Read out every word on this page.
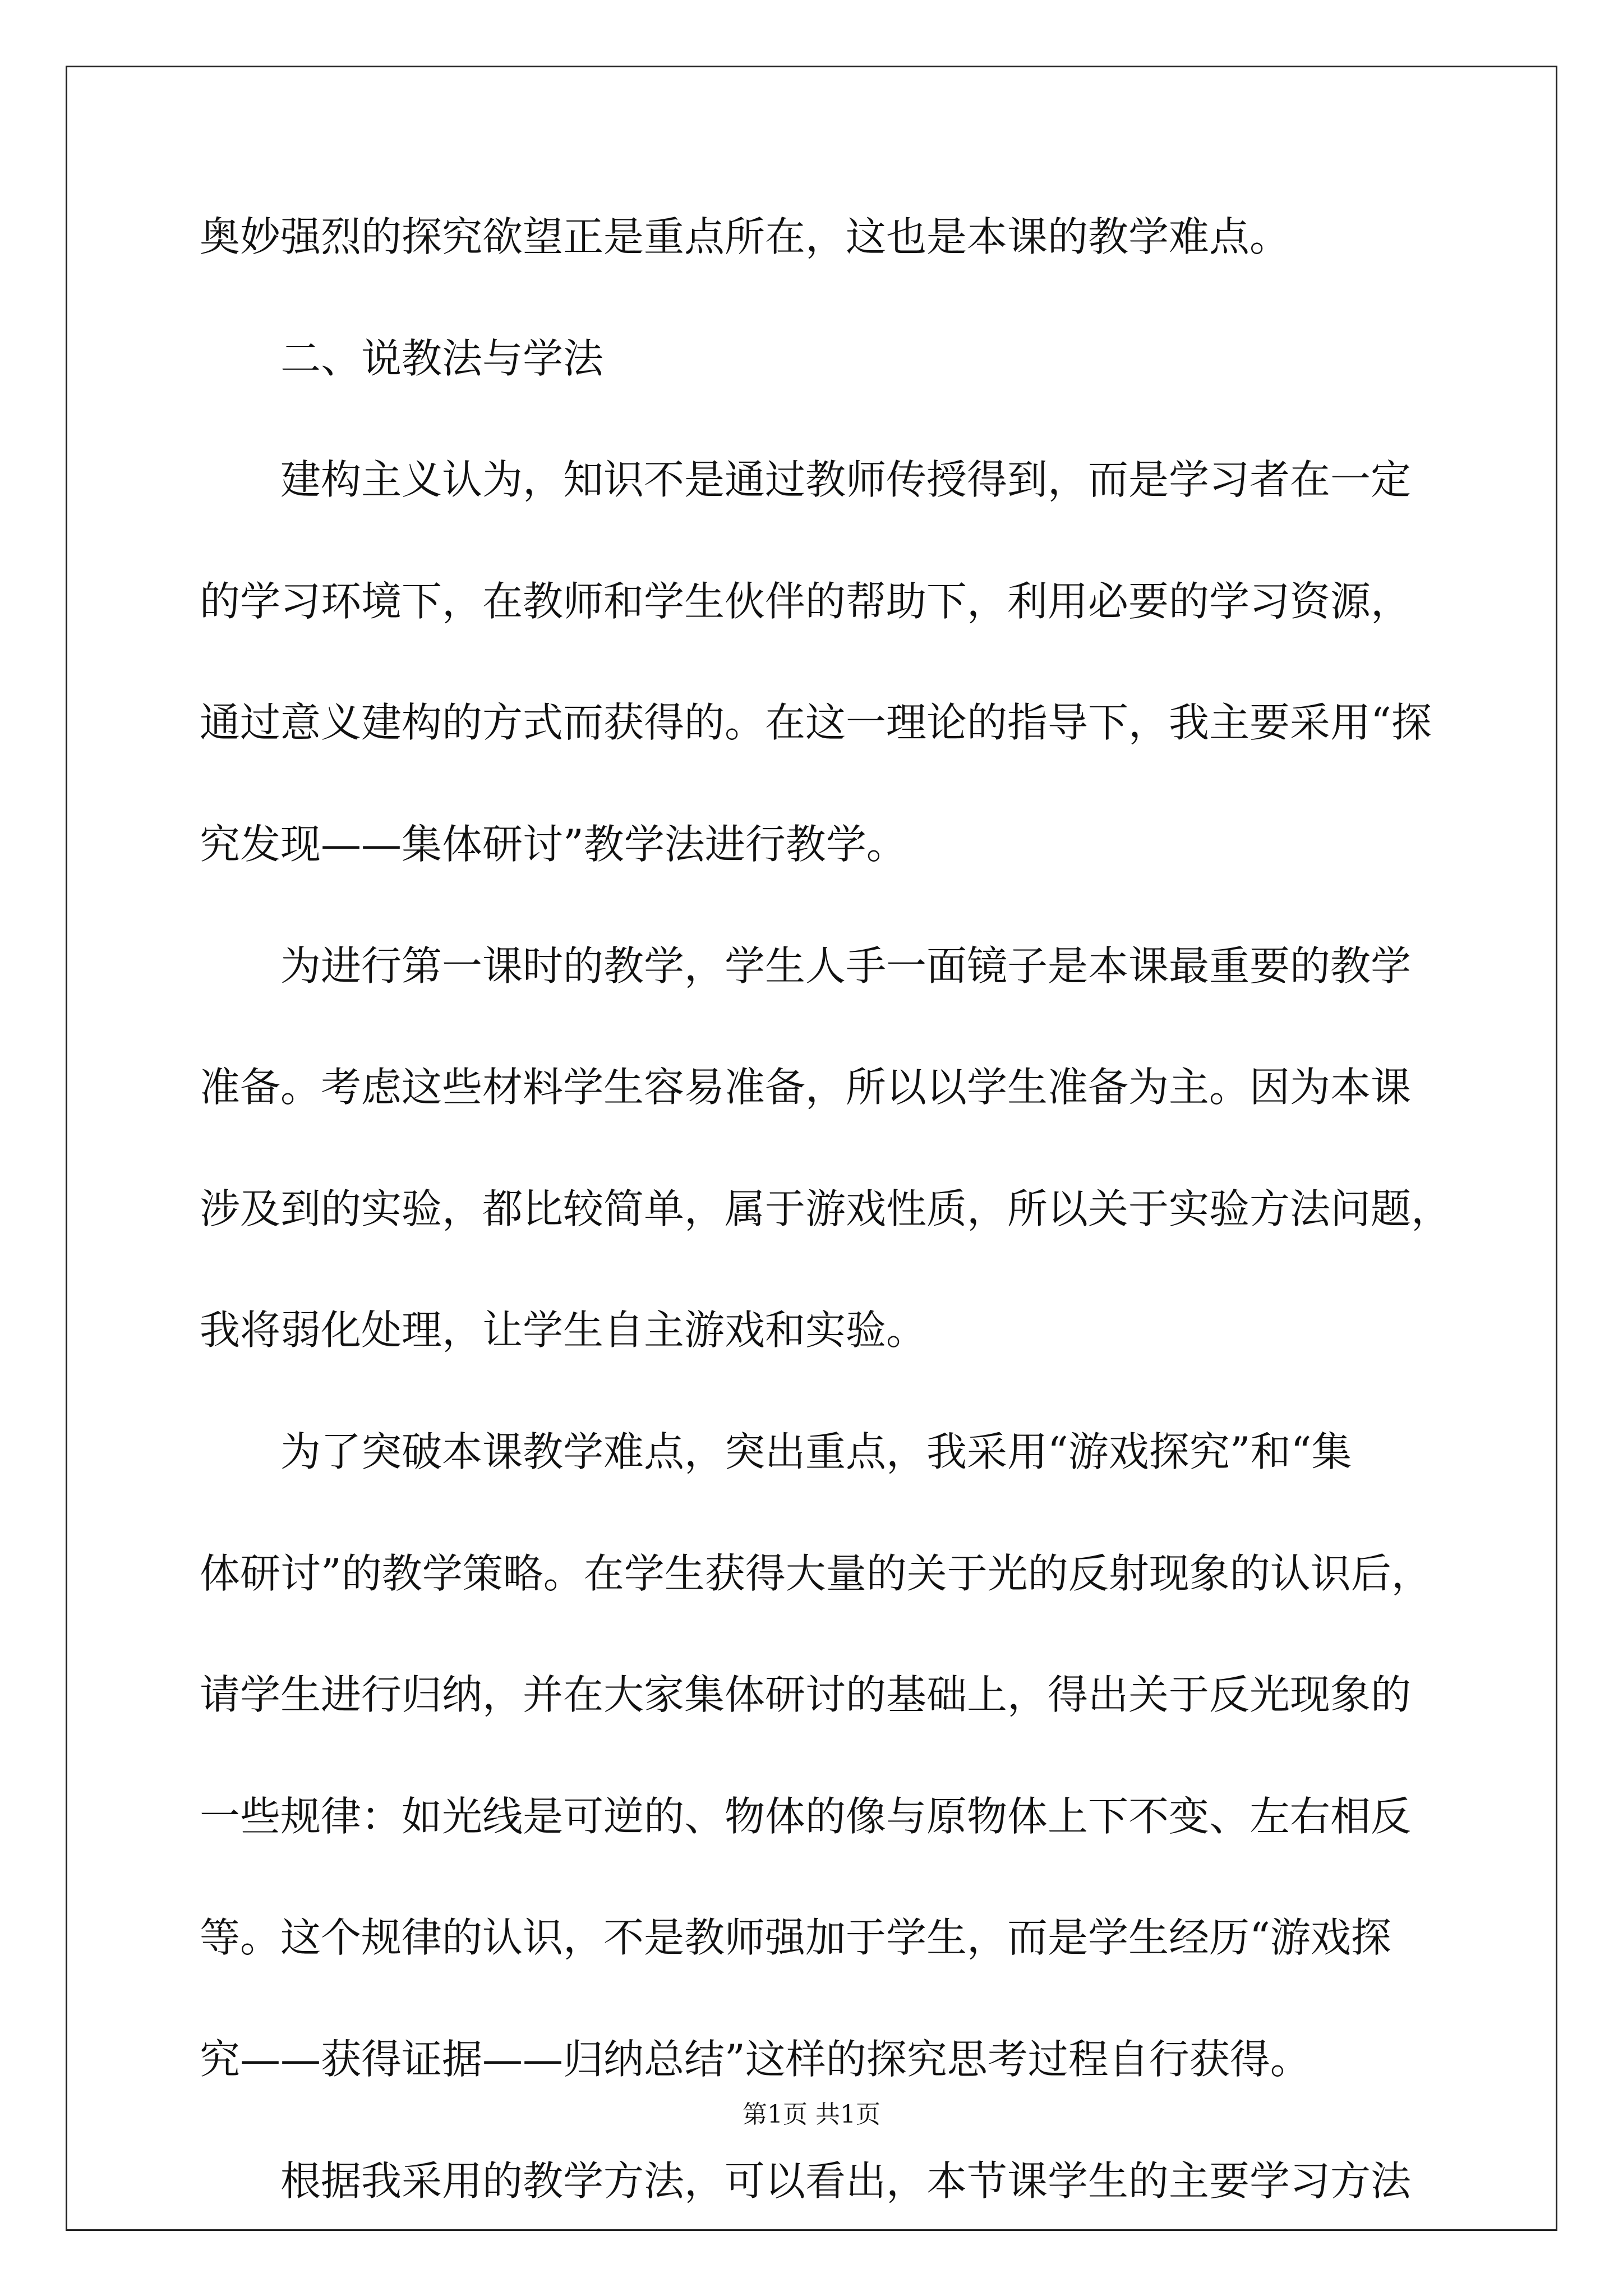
奥妙强烈的探究欲望正是重点所在，这也是本课的教学难点。
二、说教法与学法
建构主义认为，知识不是通过教师传授得到，而是学习者在一定
的学习环境下，在教师和学生伙伴的帮助下，利用必要的学习资源，
通过意义建构的方式而获得的。在这一理论的指导下，我主要采用“探
究发现——集体研讨”教学法进行教学。
为进行第一课时的教学，学生人手一面镜子是本课最重要的教学
准备。考虑这些材料学生容易准备，所以以学生准备为主。因为本课
涉及到的实验，都比较简单，属于游戏性质，所以关于实验方法问题，
我将弱化处理，让学生自主游戏和实验。
为了突破本课教学难点，突出重点，我采用“游戏探究”和“集
体研讨”的教学策略。在学生获得大量的关于光的反射现象的认识后，
请学生进行归纳，并在大家集体研讨的基础上，得出关于反光现象的
一些规律：如光线是可逆的、物体的像与原物体上下不变、左右相反
等。这个规律的认识，不是教师强加于学生，而是学生经历“游戏探
究——获得证据——归纳总结”这样的探究思考过程自行获得。
根据我采用的教学方法，可以看出，本节课学生的主要学习方法
第1页 共1页
